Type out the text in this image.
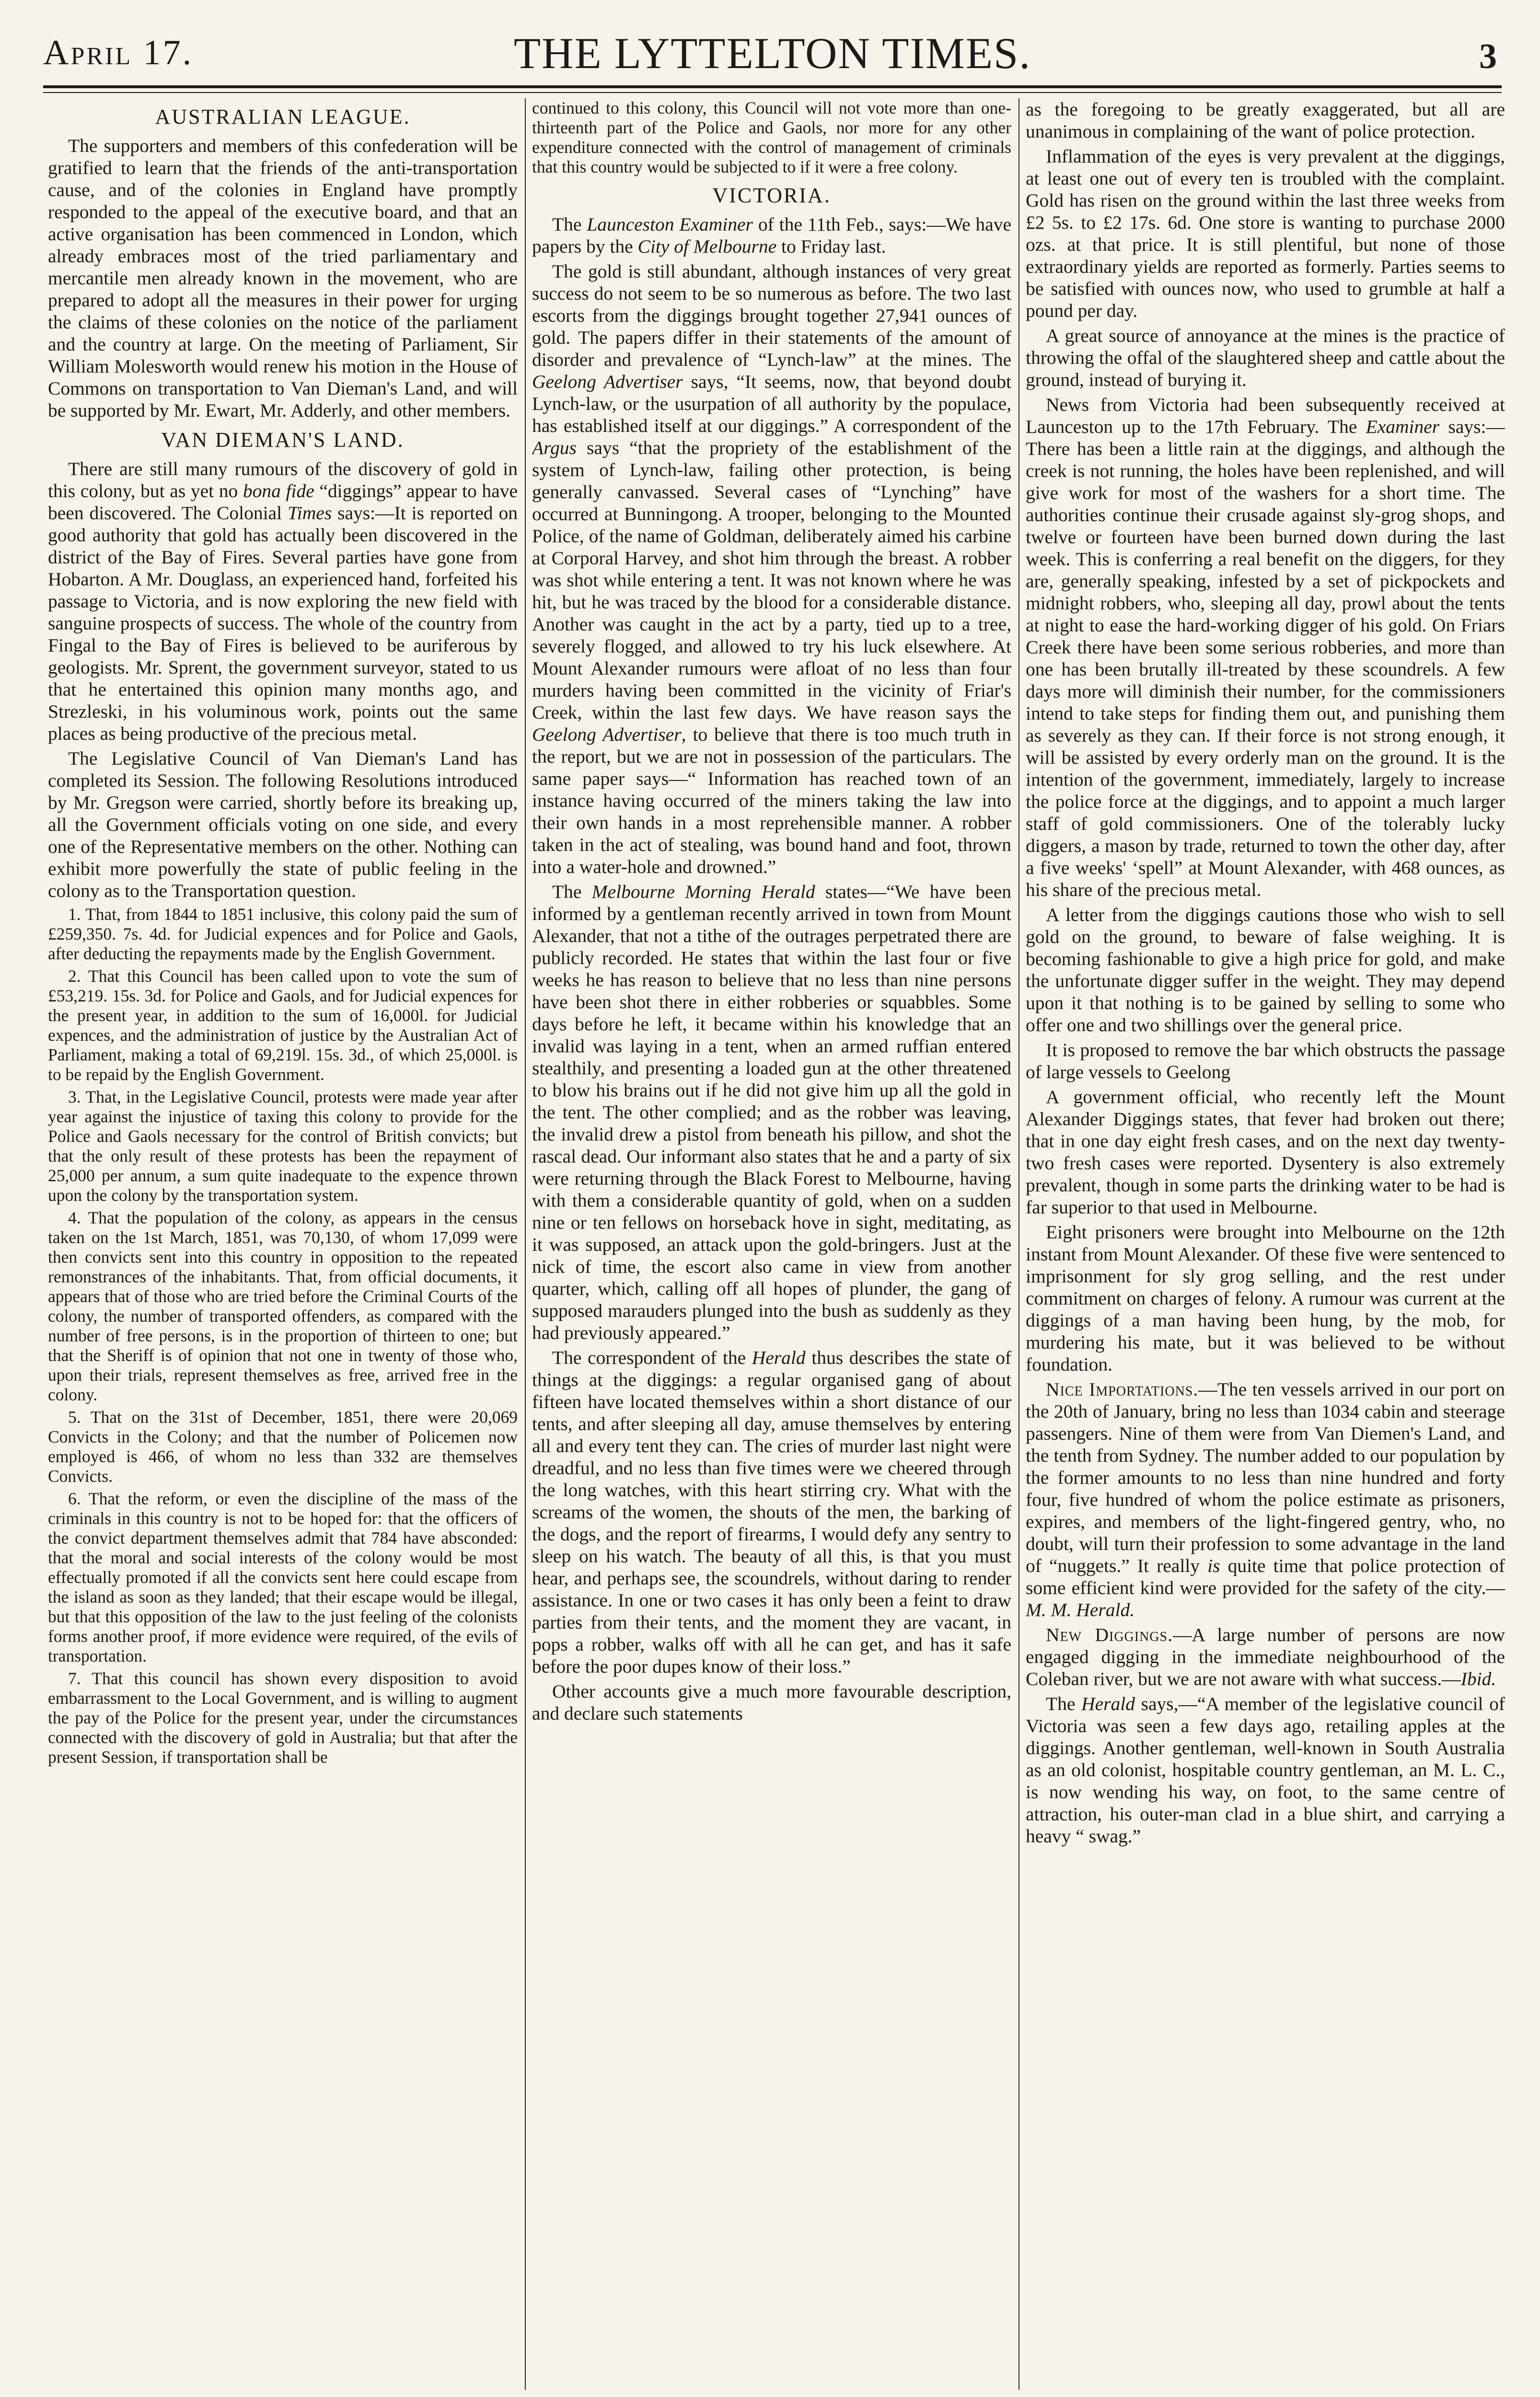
April 17.	THE LYTTELTON TIMES.	3
AUSTRALIAN LEAGUE.

The supporters and members of this confederation will be gratified to learn that the friends of the anti-transportation cause, and of the colonies in England have promptly responded to the appeal of the executive board, and that an active organisation has been commenced in London, which already embraces most of the tried parliamentary and mercantile men already known in the movement, who are prepared to adopt all the measures in their power for urging the claims of these colonies on the notice of the parliament and the country at large. On the meeting of Parliament, Sir William Molesworth would renew his motion in the House of Commons on transportation to Van Dieman's Land, and will be supported by Mr. Ewart, Mr. Adderly, and other members.

VAN DIEMAN'S LAND.

There are still many rumours of the discovery of gold in this colony, but as yet no bona fide “diggings” appear to have been discovered. The Colonial Times says:—It is reported on good authority that gold has actually been discovered in the district of the Bay of Fires. Several parties have gone from Hobarton. A Mr. Douglass, an experienced hand, forfeited his passage to Victoria, and is now exploring the new field with sanguine prospects of success. The whole of the country from Fingal to the Bay of Fires is believed to be auriferous by geologists. Mr. Sprent, the government surveyor, stated to us that he entertained this opinion many months ago, and Strezleski, in his voluminous work, points out the same places as being productive of the precious metal.

The Legislative Council of Van Dieman's Land has completed its Session. The following Resolutions introduced by Mr. Gregson were carried, shortly before its breaking up, all the Government officials voting on one side, and every one of the Representative members on the other. Nothing can exhibit more powerfully the state of public feeling in the colony as to the Transportation question.

1. That, from 1844 to 1851 inclusive, this colony paid the sum of £259,350. 7s. 4d. for Judicial expences and for Police and Gaols, after deducting the repayments made by the English Government.

2. That this Council has been called upon to vote the sum of £53,219. 15s. 3d. for Police and Gaols, and for Judicial expences for the present year, in addition to the sum of 16,000l. for Judicial expences, and the administration of justice by the Australian Act of Parliament, making a total of 69,219l. 15s. 3d., of which 25,000l. is to be repaid by the English Government.

3. That, in the Legislative Council, protests were made year after year against the injustice of taxing this colony to provide for the Police and Gaols necessary for the control of British convicts; but that the only result of these protests has been the repayment of 25,000 per annum, a sum quite inadequate to the expence thrown upon the colony by the transportation system.

4. That the population of the colony, as appears in the census taken on the 1st March, 1851, was 70,130, of whom 17,099 were then convicts sent into this country in opposition to the repeated remonstrances of the inhabitants. That, from official documents, it appears that of those who are tried before the Criminal Courts of the colony, the number of transported offenders, as compared with the number of free persons, is in the proportion of thirteen to one; but that the Sheriff is of opinion that not one in twenty of those who, upon their trials, represent themselves as free, arrived free in the colony.

5. That on the 31st of December, 1851, there were 20,069 Convicts in the Colony; and that the number of Policemen now employed is 466, of whom no less than 332 are themselves Convicts.

6. That the reform, or even the discipline of the mass of the criminals in this country is not to be hoped for: that the officers of the convict department themselves admit that 784 have absconded: that the moral and social interests of the colony would be most effectually promoted if all the convicts sent here could escape from the island as soon as they landed; that their escape would be illegal, but that this opposition of the law to the just feeling of the colonists forms another proof, if more evidence were required, of the evils of transportation.

7. That this council has shown every disposition to avoid embarrassment to the Local Government, and is willing to augment the pay of the Police for the present year, under the circumstances connected with the discovery of gold in Australia; but that after the present Session, if transportation shall be

continued to this colony, this Council will not vote more than one-thirteenth part of the Police and Gaols, nor more for any other expenditure connected with the control of management of criminals that this country would be subjected to if it were a free colony.

VICTORIA.

The Launceston Examiner of the 11th Feb., says:—We have papers by the City of Melbourne to Friday last.

The gold is still abundant, although instances of very great success do not seem to be so numerous as before. The two last escorts from the diggings brought together 27,941 ounces of gold. The papers differ in their statements of the amount of disorder and prevalence of “Lynch-law” at the mines. The Geelong Advertiser says, “It seems, now, that beyond doubt Lynch-law, or the usurpation of all authority by the populace, has established itself at our diggings.” A correspondent of the Argus says “that the propriety of the establishment of the system of Lynch-law, failing other protection, is being generally canvassed. Several cases of “Lynching” have occurred at Bunningong. A trooper, belonging to the Mounted Police, of the name of Goldman, deliberately aimed his carbine at Corporal Harvey, and shot him through the breast. A robber was shot while entering a tent. It was not known where he was hit, but he was traced by the blood for a considerable distance. Another was caught in the act by a party, tied up to a tree, severely flogged, and allowed to try his luck elsewhere. At Mount Alexander rumours were afloat of no less than four murders having been committed in the vicinity of Friar's Creek, within the last few days. We have reason says the Geelong Advertiser, to believe that there is too much truth in the report, but we are not in possession of the particulars. The same paper says—“ Information has reached town of an instance having occurred of the miners taking the law into their own hands in a most reprehensible manner. A robber taken in the act of stealing, was bound hand and foot, thrown into a water-hole and drowned.”

The Melbourne Morning Herald states—“We have been informed by a gentleman recently arrived in town from Mount Alexander, that not a tithe of the outrages perpetrated there are publicly recorded. He states that within the last four or five weeks he has reason to believe that no less than nine persons have been shot there in either robberies or squabbles. Some days before he left, it became within his knowledge that an invalid was laying in a tent, when an armed ruffian entered stealthily, and presenting a loaded gun at the other threatened to blow his brains out if he did not give him up all the gold in the tent. The other complied; and as the robber was leaving, the invalid drew a pistol from beneath his pillow, and shot the rascal dead. Our informant also states that he and a party of six were returning through the Black Forest to Melbourne, having with them a considerable quantity of gold, when on a sudden nine or ten fellows on horseback hove in sight, meditating, as it was supposed, an attack upon the gold-bringers. Just at the nick of time, the escort also came in view from another quarter, which, calling off all hopes of plunder, the gang of supposed marauders plunged into the bush as suddenly as they had previously appeared.”

The correspondent of the Herald thus describes the state of things at the diggings: a regular organised gang of about fifteen have located themselves within a short distance of our tents, and after sleeping all day, amuse themselves by entering all and every tent they can. The cries of murder last night were dreadful, and no less than five times were we cheered through the long watches, with this heart stirring cry. What with the screams of the women, the shouts of the men, the barking of the dogs, and the report of firearms, I would defy any sentry to sleep on his watch. The beauty of all this, is that you must hear, and perhaps see, the scoundrels, without daring to render assistance. In one or two cases it has only been a feint to draw parties from their tents, and the moment they are vacant, in pops a robber, walks off with all he can get, and has it safe before the poor dupes know of their loss.”

Other accounts give a much more favourable description, and declare such statements

as the foregoing to be greatly exaggerated, but all are unanimous in complaining of the want of police protection.

Inflammation of the eyes is very prevalent at the diggings, at least one out of every ten is troubled with the complaint. Gold has risen on the ground within the last three weeks from £2 5s. to £2 17s. 6d. One store is wanting to purchase 2000 ozs. at that price. It is still plentiful, but none of those extraordinary yields are reported as formerly. Parties seems to be satisfied with ounces now, who used to grumble at half a pound per day.

A great source of annoyance at the mines is the practice of throwing the offal of the slaughtered sheep and cattle about the ground, instead of burying it.

News from Victoria had been subsequently received at Launceston up to the 17th February. The Examiner says:—There has been a little rain at the diggings, and although the creek is not running, the holes have been replenished, and will give work for most of the washers for a short time. The authorities continue their crusade against sly-grog shops, and twelve or fourteen have been burned down during the last week. This is conferring a real benefit on the diggers, for they are, generally speaking, infested by a set of pickpockets and midnight robbers, who, sleeping all day, prowl about the tents at night to ease the hard-working digger of his gold. On Friars Creek there have been some serious robberies, and more than one has been brutally ill-treated by these scoundrels. A few days more will diminish their number, for the commissioners intend to take steps for finding them out, and punishing them as severely as they can. If their force is not strong enough, it will be assisted by every orderly man on the ground. It is the intention of the government, immediately, largely to increase the police force at the diggings, and to appoint a much larger staff of gold commissioners. One of the tolerably lucky diggers, a mason by trade, returned to town the other day, after a five weeks' ‘spell” at Mount Alexander, with 468 ounces, as his share of the precious metal.

A letter from the diggings cautions those who wish to sell gold on the ground, to beware of false weighing. It is becoming fashionable to give a high price for gold, and make the unfortunate digger suffer in the weight. They may depend upon it that nothing is to be gained by selling to some who offer one and two shillings over the general price.

It is proposed to remove the bar which obstructs the passage of large vessels to Geelong

A government official, who recently left the Mount Alexander Diggings states, that fever had broken out there; that in one day eight fresh cases, and on the next day twenty-two fresh cases were reported. Dysentery is also extremely prevalent, though in some parts the drinking water to be had is far superior to that used in Melbourne.

Eight prisoners were brought into Melbourne on the 12th instant from Mount Alexander. Of these five were sentenced to imprisonment for sly grog selling, and the rest under commitment on charges of felony. A rumour was current at the diggings of a man having been hung, by the mob, for murdering his mate, but it was believed to be without foundation.

Nice Importations.—The ten vessels arrived in our port on the 20th of January, bring no less than 1034 cabin and steerage passengers. Nine of them were from Van Diemen's Land, and the tenth from Sydney. The number added to our population by the former amounts to no less than nine hundred and forty four, five hundred of whom the police estimate as prisoners, expires, and members of the light-fingered gentry, who, no doubt, will turn their profession to some advantage in the land of “nuggets.” It really is quite time that police protection of some efficient kind were provided for the safety of the city.—M. M. Herald.

New Diggings.—A large number of persons are now engaged digging in the immediate neighbourhood of the Coleban river, but we are not aware with what success.—Ibid.

The Herald says,—“A member of the legislative council of Victoria was seen a few days ago, retailing apples at the diggings. Another gentleman, well-known in South Australia as an old colonist, hospitable country gentleman, an M. L. C., is now wending his way, on foot, to the same centre of attraction, his outer-man clad in a blue shirt, and carrying a heavy “ swag.”
